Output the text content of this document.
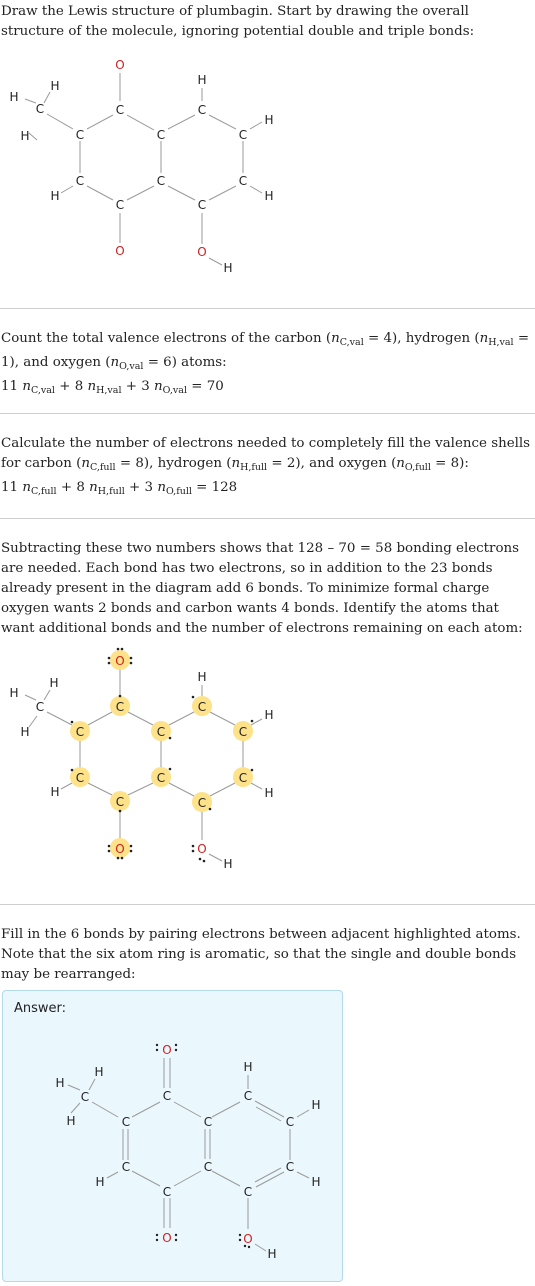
Draw the Lewis structure of plumbagin. Start by drawing the overall structure of the molecule, ignoring potential double and triple bonds:

O
C
C	C
C	C
C
O
H
C
C
C
C
O
H
H
H
H
C
H
H
H

Count the total valence electrons of the carbon $(n_{C,val} = 4)$, hydrogen $(n_{H,val} = 1)$, and oxygen $(n_{O,val} = 6)$ atoms:

11 $n_{C,val} + 8$ $n_{H,val} + 3$ $n_{O,val} = 70$

Calculate the number of electrons needed to completely fill the valence shells for carbon $(n_{C,full} = 8)$, hydrogen $(n_{H,full} = 2)$, and oxygen $(n_{O,full} = 8)$:

11 $n_{C,full} + 8$ $n_{H,full} + 3$ $n_{O,full} = 128$

Subtracting these two numbers shows that 128 – 70 = 58 bonding electrons are needed. Each bond has two electrons, so in addition to the 23 bonds already present in the diagram add 6 bonds. To minimize formal charge oxygen wants 2 bonds and carbon wants 4 bonds. Identify the atoms that want additional bonds and the number of electrons remaining on each atom:

O
C
C	C
C	C
C
O
H
C
C
C
C
O
H
H
H
H
C
H
H
H

Fill in the 6 bonds by pairing electrons between adjacent highlighted atoms. Note that the six atom ring is aromatic, so that the single and double bonds may be rearranged:

Answer:
O
C
C	C
C	C
C
O
H
C
C
C
C
O
H
H
H
H
C
H
H
H
